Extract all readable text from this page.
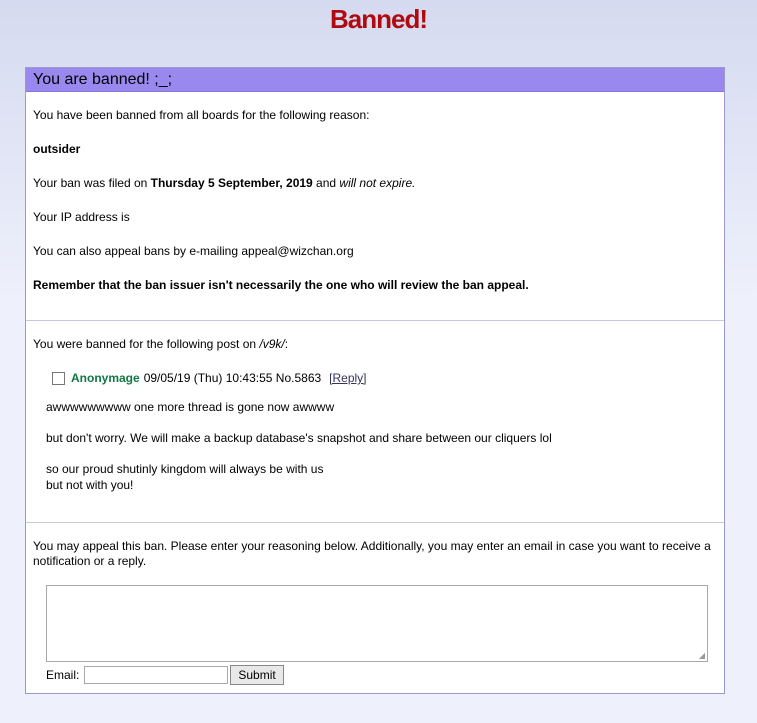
Banned!
You are banned! ;_;

You have been banned from all boards for the following reason:

outsider

Your ban was filed on Thursday 5 September, 2019 and will not expire.

Your IP address is

You can also appeal bans by e-mailing appeal@wizchan.org

Remember that the ban issuer isn't necessarily the one who will review the ban appeal.

You were banned for the following post on /v9k/:

Anonymage 09/05/19 (Thu) 10:43:55
No.5863 [Reply]

awwwwwwwww one more thread is gone now awwww

but don't worry. We will make a backup database's snapshot and share between our cliquers lol

so our proud shutinly kingdom will always be with us

but not with you!

You may appeal this ban. Please enter your reasoning below. Additionally, you may enter an email in case you want to receive a notification or a reply.

◢
Email:	Submit
